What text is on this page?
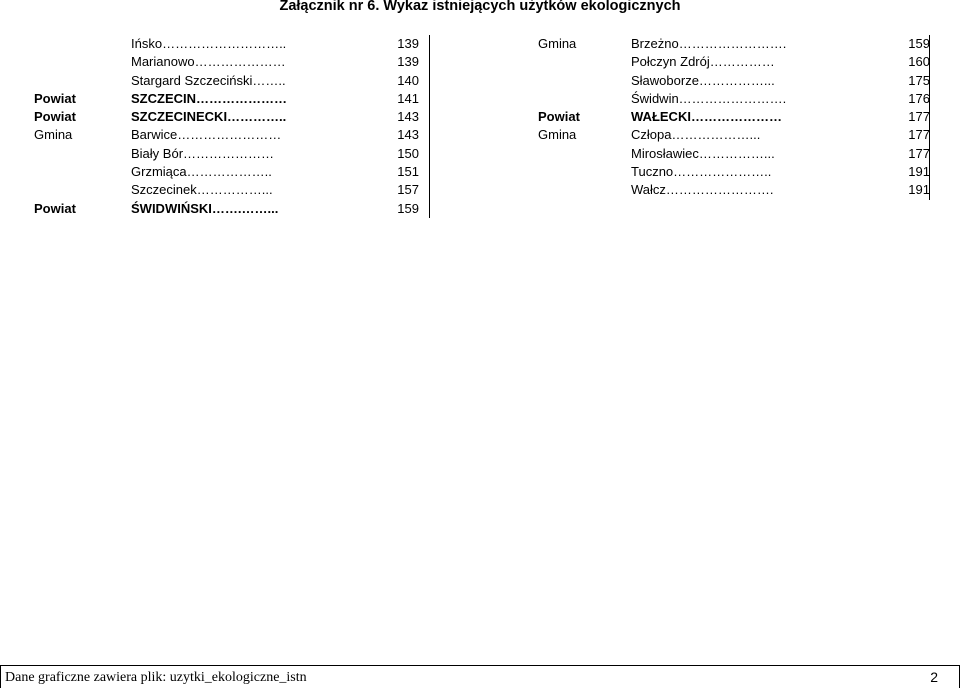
Załącznik nr 6. Wykaz istniejących użytków ekologicznych
Ińsko………………………..	139
Marianowo…………………	139
Stargard Szczeciński……..	140
Powiat	SZCZECIN…………………	141
Powiat	SZCZECINECKI…………..	143
Gmina	Barwice……………………	143
Biały Bór…………………	150
Grzmiąca………………..	151
Szczecinek……………...	157
Powiat	ŚWIDWIŃSKI…….……...	159
Gmina	Brzeżno…………………….	159
Połczyn Zdrój……………	160
Sławoborze……………...	175
Świdwin…………………….	176
Powiat	WAŁECKI…………………	177
Gmina	Człopa………………...	177
Mirosławiec……………...	177
Tuczno…………………..	191
Wałcz…………………….	191
Dane graficzne zawiera plik: uzytki_ekologiczne_istn	2
